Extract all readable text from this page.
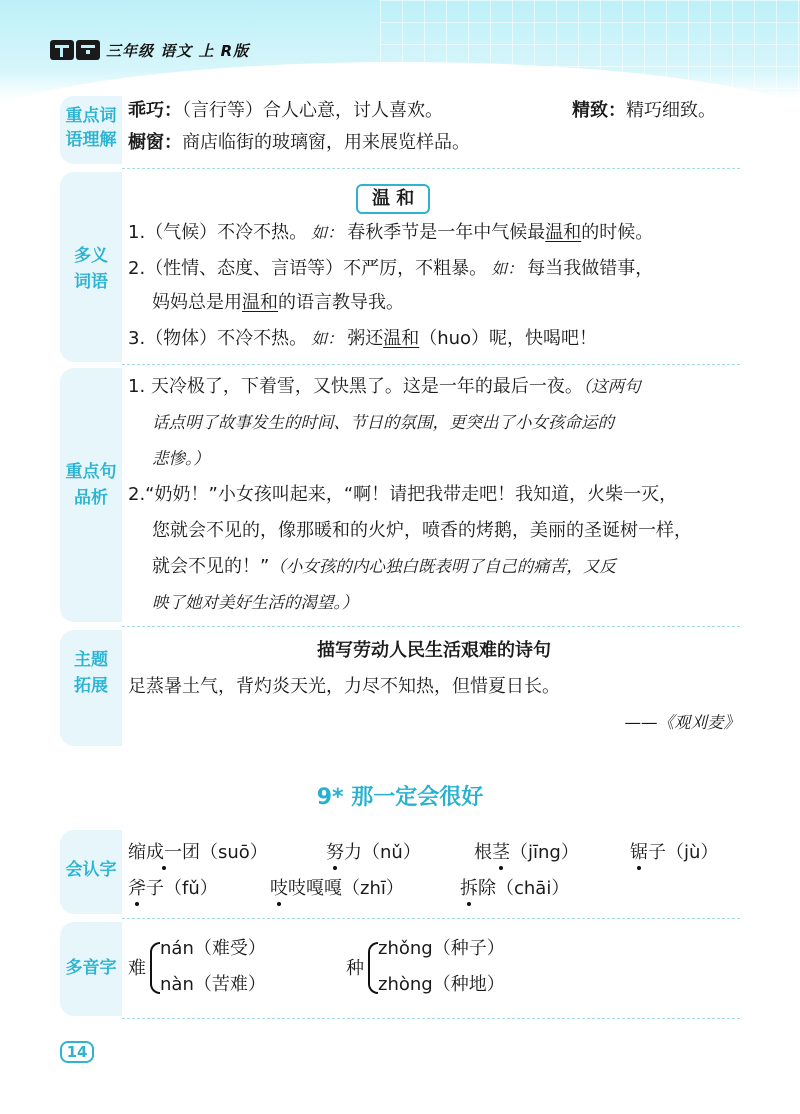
三年级 语文 上 R版
重点词
语理解
乖巧：（言行等）合人心意，讨人喜欢。	精致：精巧细致。
橱窗：商店临街的玻璃窗，用来展览样品。
多义
词语
温 和
1.（气候）不冷不热。 如： 春秋季节是一年中气候最温和的时候。
2.（性情、态度、言语等）不严厉，不粗暴。 如： 每当我做错事，
妈妈总是用温和的语言教导我。
3.（物体）不冷不热。 如： 粥还温和（huo）呢，快喝吧！
重点句
品析
1. 天冷极了，下着雪，又快黑了。这是一年的最后一夜。（这两句
话点明了故事发生的时间、节日的氛围，更突出了小女孩命运的
悲惨。）
2.“奶奶！”小女孩叫起来，“啊！请把我带走吧！我知道，火柴一灭，
您就会不见的，像那暖和的火炉，喷香的烤鹅，美丽的圣诞树一样，
就会不见的！”（小女孩的内心独白既表明了自己的痛苦，又反
映了她对美好生活的渴望。）
主题
拓展
描写劳动人民生活艰难的诗句
足蒸暑土气，背灼炎天光，力尽不知热，但惜夏日长。
——《观刈麦》
9* 那一定会很好
会认字
缩成一团（suō）	努力（nǔ）	根茎（jīng）	锯子（jù）
斧子（fǔ）	吱吱嘎嘎（zhī）	拆除（chāi）
多音字 难
nán（难受）
nàn（苦难）
种
zhǒng（种子）
zhòng（种地）
14
